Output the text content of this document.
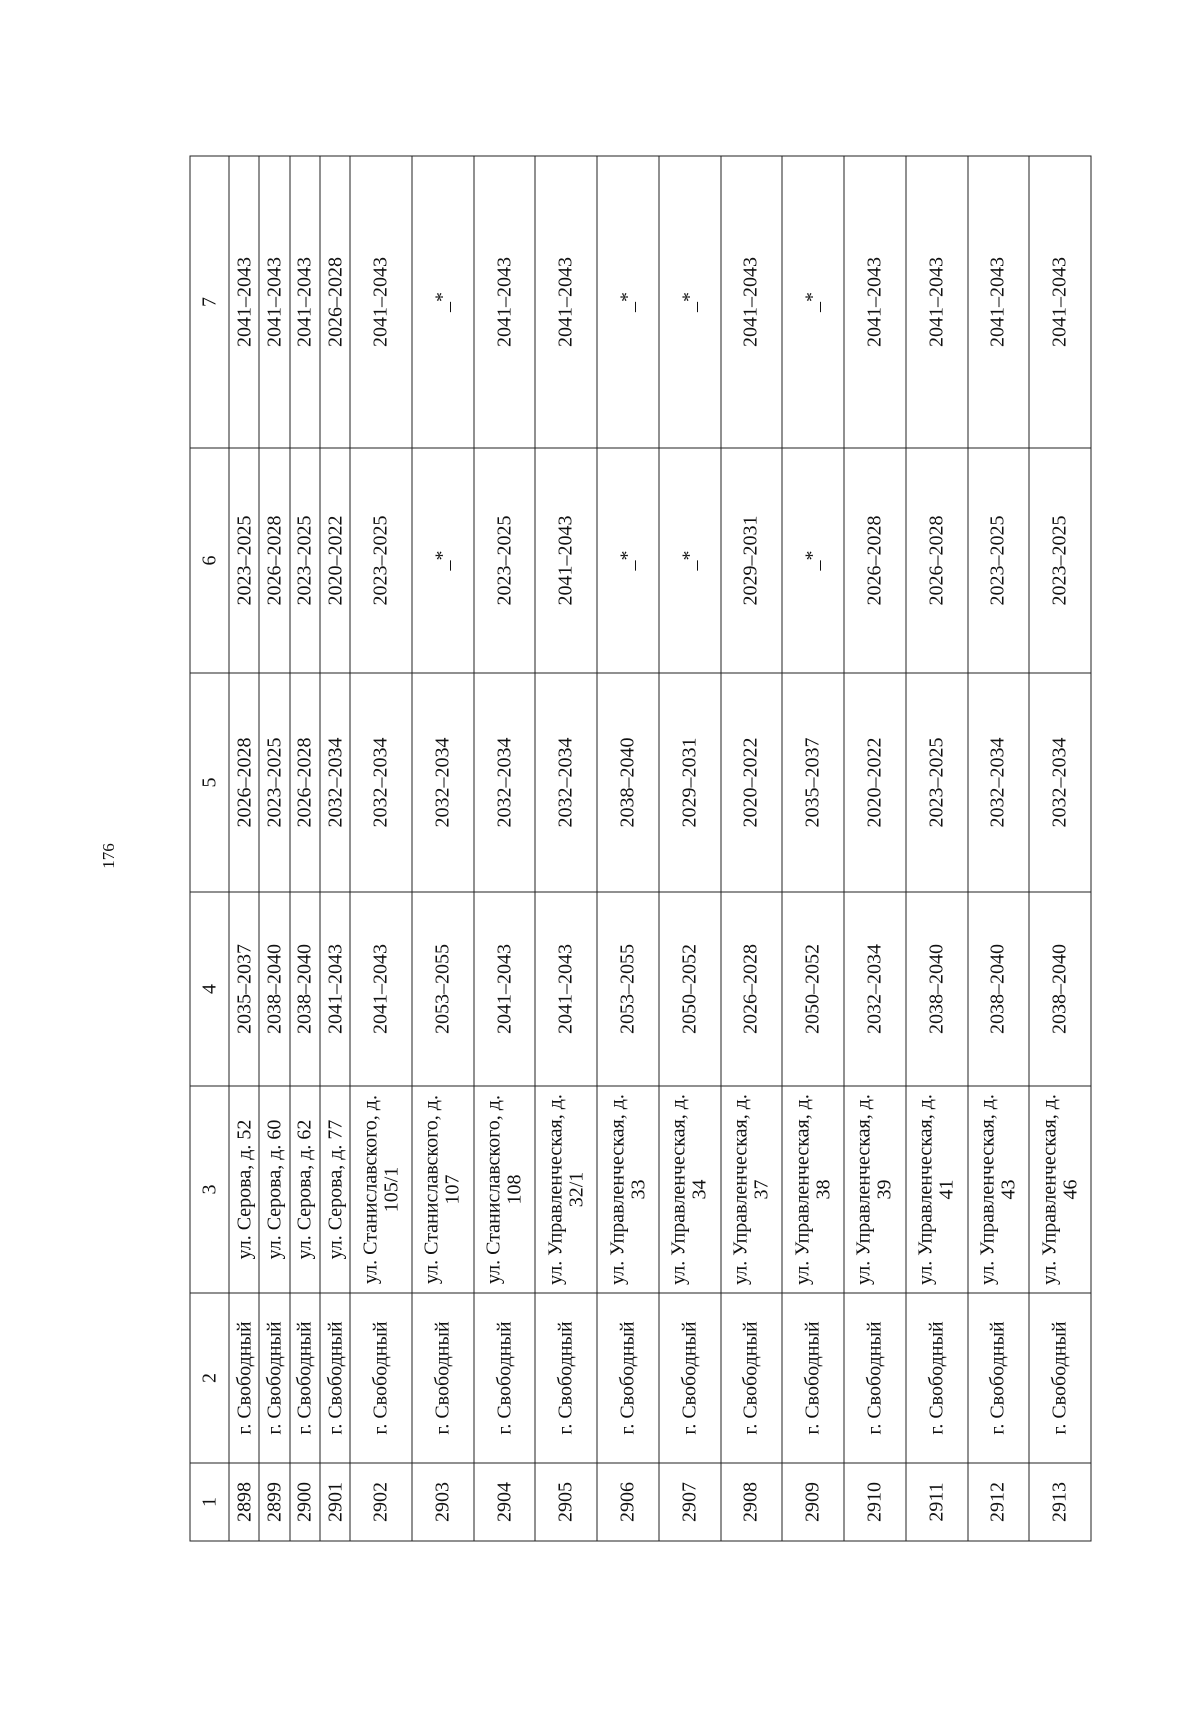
176
1	2	3	4	5	6	7
2898	г. Свободный	ул. Серова, д. 52	2035–2037	2026–2028	2023–2025	2041–2043
2899	г. Свободный	ул. Серова, д. 60	2038–2040	2023–2025	2026–2028	2041–2043
2900	г. Свободный	ул. Серова, д. 62	2038–2040	2026–2028	2023–2025	2041–2043
2901	г. Свободный	ул. Серова, д. 77	2041–2043	2032–2034	2020–2022	2026–2028
2902	г. Свободный	ул. Станиславского, д. 105/1	2041–2043	2032–2034	2023–2025	2041–2043
2903	г. Свободный	ул. Станиславского, д. 107	2053–2055	2032–2034	_*	_*
2904	г. Свободный	ул. Станиславского, д. 108	2041–2043	2032–2034	2023–2025	2041–2043
2905	г. Свободный	ул. Управленческая, д. 32/1	2041–2043	2032–2034	2041–2043	2041–2043
2906	г. Свободный	ул. Управленческая, д. 33	2053–2055	2038–2040	_*	_*
2907	г. Свободный	ул. Управленческая, д. 34	2050–2052	2029–2031	_*	_*
2908	г. Свободный	ул. Управленческая, д. 37	2026–2028	2020–2022	2029–2031	2041–2043
2909	г. Свободный	ул. Управленческая, д. 38	2050–2052	2035–2037	_*	_*
2910	г. Свободный	ул. Управленческая, д. 39	2032–2034	2020–2022	2026–2028	2041–2043
2911	г. Свободный	ул. Управленческая, д. 41	2038–2040	2023–2025	2026–2028	2041–2043
2912	г. Свободный	ул. Управленческая, д. 43	2038–2040	2032–2034	2023–2025	2041–2043
2913	г. Свободный	ул. Управленческая, д. 46	2038–2040	2032–2034	2023–2025	2041–2043
